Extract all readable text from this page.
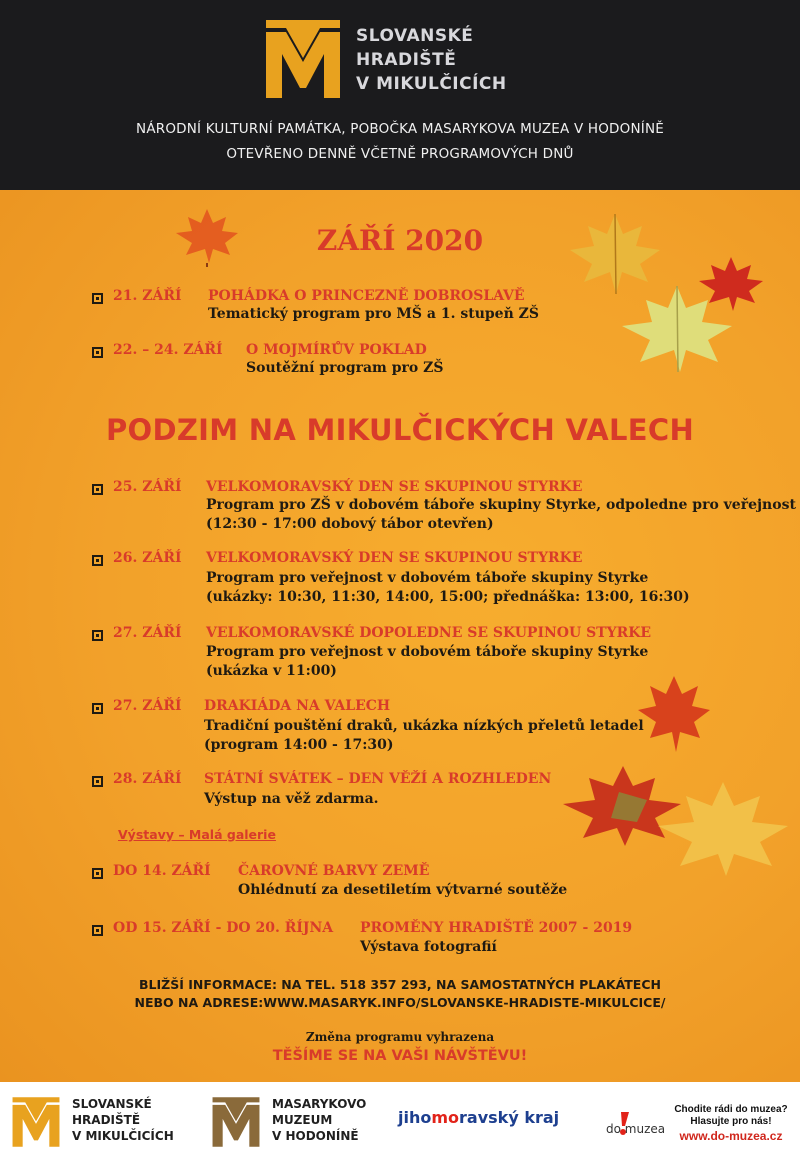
SLOVANSKÉ
HRADIŠTĚ
V MIKULČICÍCH
NÁRODNÍ KULTURNÍ PAMÁTKA, POBOČKA MASARYKOVA MUZEA V HODONÍNĚ
OTEVŘENO DENNĚ VČETNĚ PROGRAMOVÝCH DNŮ
ZÁŘÍ 2020
21. ZÁŘÍ POHÁDKA O PRINCEZNĚ DOBROSLAVĚ
Tematický program pro MŠ a 1. stupeň ZŠ
22. – 24. ZÁŘÍ O MOJMÍRŮV POKLAD
Soutěžní program pro ZŠ
PODZIM NA MIKULČICKÝCH VALECH
25. ZÁŘÍ VELKOMORAVSKÝ DEN SE SKUPINOU STYRKE
Program pro ZŠ v dobovém táboře skupiny Styrke, odpoledne pro veřejnost
(12:30 - 17:00 dobový tábor otevřen)
26. ZÁŘÍ VELKOMORAVSKÝ DEN SE SKUPINOU STYRKE
Program pro veřejnost v dobovém táboře skupiny Styrke
(ukázky: 10:30, 11:30, 14:00, 15:00; přednáška: 13:00, 16:30)
27. ZÁŘÍ VELKOMORAVSKÉ DOPOLEDNE SE SKUPINOU STYRKE
Program pro veřejnost v dobovém táboře skupiny Styrke
(ukázka v 11:00)
27. ZÁŘÍ DRAKIÁDA NA VALECH
Tradiční pouštění draků, ukázka nízkých přeletů letadel
(program 14:00 - 17:30)
28. ZÁŘÍ STÁTNÍ SVÁTEK – DEN VĚŽÍ A ROZHLEDEN
Výstup na věž zdarma.
Výstavy – Malá galerie
DO 14. ZÁŘÍ ČAROVNÉ BARVY ZEMĚ
Ohlédnutí za desetiletím výtvarné soutěže
OD 15. ZÁŘÍ - DO 20. ŘÍJNA PROMĚNY HRADIŠTĚ 2007 - 2019
Výstava fotografií
BLIŽŠÍ INFORMACE: NA TEL. 518 357 293, NA SAMOSTATNÝCH PLAKÁTECH
NEBO NA ADRESE:WWW.MASARYK.INFO/SLOVANSKE-HRADISTE-MIKULCICE/
Změna programu vyhrazena
TĚŠÍME SE NA VAŠI NÁVŠTĚVU!
SLOVANSKÉ
HRADIŠTĚ
V MIKULČICÍCH
MASARYKOVO
MUZEUM
V HODONÍNĚ
jihomoravský kraj
do muzea
Chodite rádi do muzea?
Hlasujte pro nás!
www.do-muzea.cz
